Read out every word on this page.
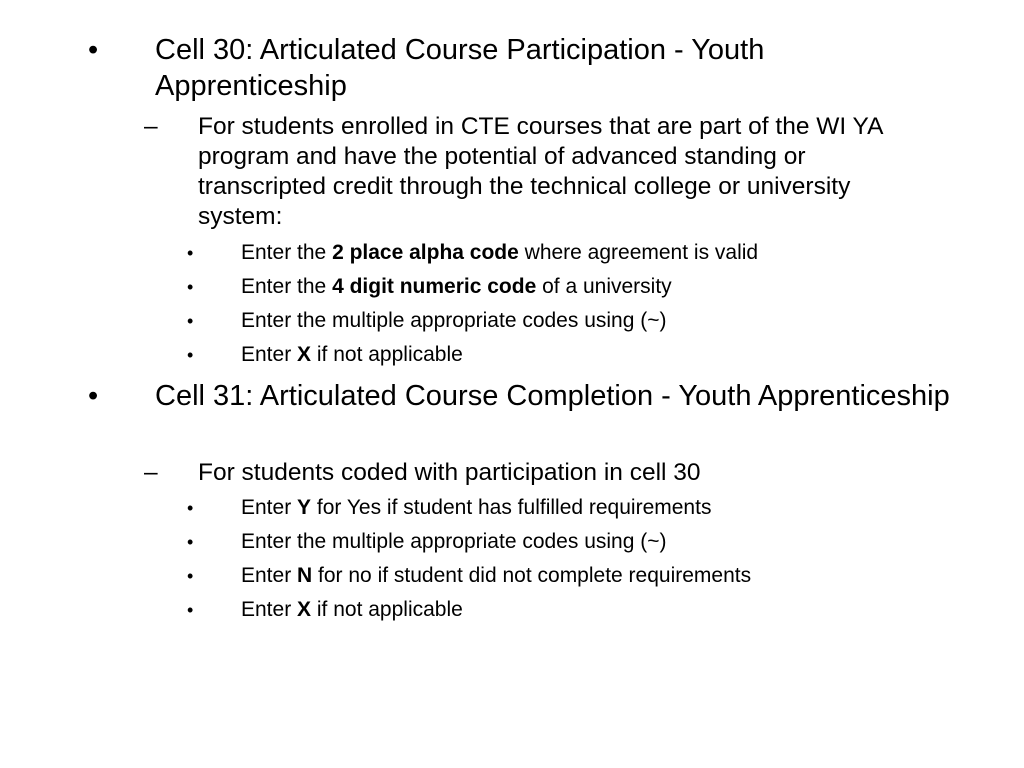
• Cell 30: Articulated Course Participation - Youth Apprenticeship
– For students enrolled in CTE courses that are part of the WI YA program and have the potential of advanced standing or transcripted credit through the technical college or university system:
• Enter the 2 place alpha code where agreement is valid
• Enter the 4 digit numeric code of a university
• Enter the multiple appropriate codes using (~)
• Enter X if not applicable
• Cell 31: Articulated Course Completion - Youth Apprenticeship
– For students coded with participation in cell 30
• Enter Y for Yes if student has fulfilled requirements
• Enter the multiple appropriate codes using (~)
• Enter N for no if student did not complete requirements
• Enter X if not applicable
